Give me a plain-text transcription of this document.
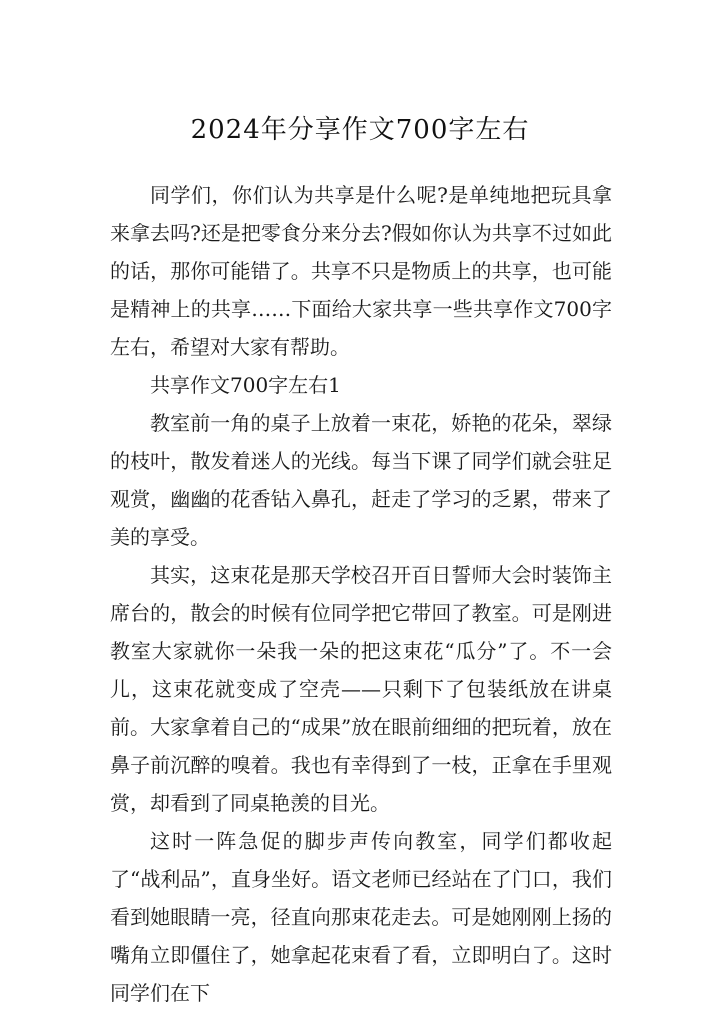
2024年分享作文700字左右

同学们，你们认为共享是什么呢?是单纯地把玩具拿来拿去吗?还是把零食分来分去?假如你认为共享不过如此的话，那你可能错了。共享不只是物质上的共享，也可能是精神上的共享……下面给大家共享一些共享作文700字左右，希望对大家有帮助。

共享作文700字左右1

教室前一角的桌子上放着一束花，娇艳的花朵，翠绿的枝叶，散发着迷人的光线。每当下课了同学们就会驻足观赏，幽幽的花香钻入鼻孔，赶走了学习的乏累，带来了美的享受。

其实，这束花是那天学校召开百日誓师大会时装饰主席台的，散会的时候有位同学把它带回了教室。可是刚进教室大家就你一朵我一朵的把这束花“瓜分”了。不一会儿，这束花就变成了空壳——只剩下了包装纸放在讲桌前。大家拿着自己的“成果”放在眼前细细的把玩着，放在鼻子前沉醉的嗅着。我也有幸得到了一枝，正拿在手里观赏，却看到了同桌艳羡的目光。

这时一阵急促的脚步声传向教室，同学们都收起了“战利品”，直身坐好。语文老师已经站在了门口，我们看到她眼睛一亮，径直向那束花走去。可是她刚刚上扬的嘴角立即僵住了，她拿起花束看了看，立即明白了。这时同学们在下
